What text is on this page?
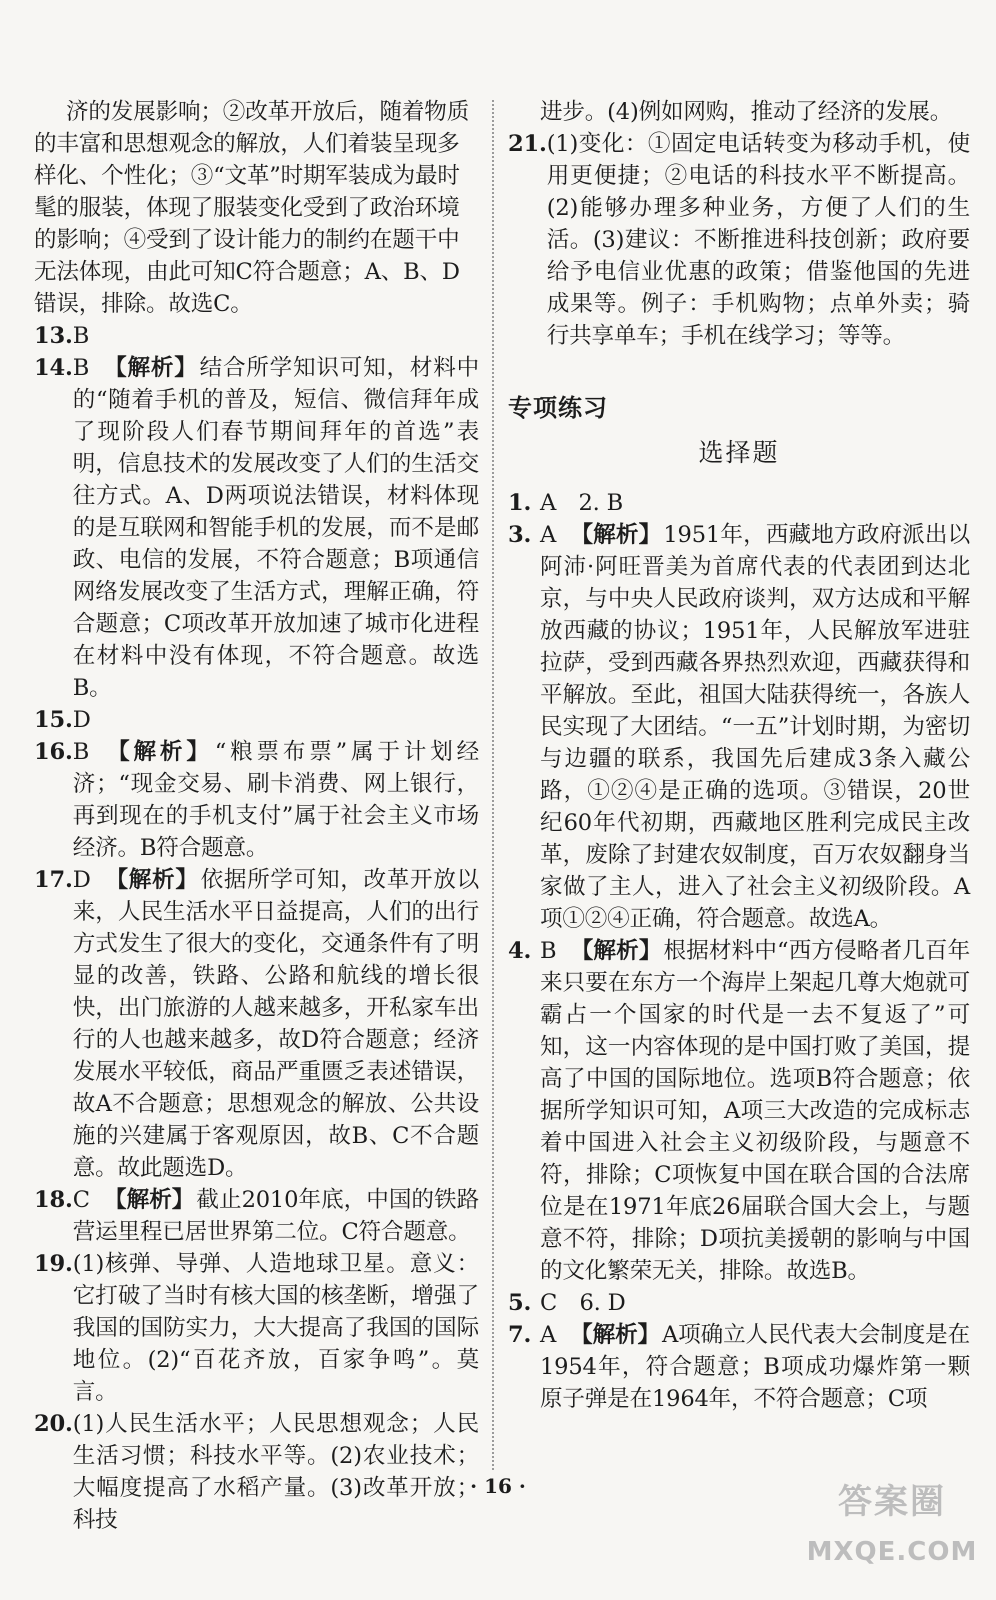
济的发展影响；②改革开放后，随着物质的丰富和思想观念的解放，人们着装呈现多样化、个性化；③“文革”时期军装成为最时髦的服装，体现了服装变化受到了政治环境的影响；④受到了设计能力的制约在题干中无法体现，由此可知C符合题意；A、B、D错误，排除。故选C。
13. B
14. B 【解析】结合所学知识可知，材料中的“随着手机的普及，短信、微信拜年成了现阶段人们春节期间拜年的首选”表明，信息技术的发展改变了人们的生活交往方式。A、D两项说法错误，材料体现的是互联网和智能手机的发展，而不是邮政、电信的发展，不符合题意；B项通信网络发展改变了生活方式，理解正确，符合题意；C项改革开放加速了城市化进程在材料中没有体现，不符合题意。故选B。
15. D
16. B 【解析】“粮票布票”属于计划经济；“现金交易、刷卡消费、网上银行，再到现在的手机支付”属于社会主义市场经济。B符合题意。
17. D 【解析】依据所学可知，改革开放以来，人民生活水平日益提高，人们的出行方式发生了很大的变化，交通条件有了明显的改善，铁路、公路和航线的增长很快，出门旅游的人越来越多，开私家车出行的人也越来越多，故D符合题意；经济发展水平较低，商品严重匮乏表述错误，故A不合题意；思想观念的解放、公共设施的兴建属于客观原因，故B、C不合题意。故此题选D。
18. C 【解析】截止2010年底，中国的铁路营运里程已居世界第二位。C符合题意。
19. (1)核弹、导弹、人造地球卫星。意义：它打破了当时有核大国的核垄断，增强了我国的国防实力，大大提高了我国的国际地位。(2)“百花齐放，百家争鸣”。莫言。
20. (1)人民生活水平；人民思想观念；人民生活习惯；科技水平等。(2)农业技术；大幅度提高了水稻产量。(3)改革开放；科技
进步。(4)例如网购，推动了经济的发展。
21. (1)变化：①固定电话转变为移动手机，使用更便捷；②电话的科技水平不断提高。(2)能够办理多种业务，方便了人们的生活。(3)建议：不断推进科技创新；政府要给予电信业优惠的政策；借鉴他国的先进成果等。例子：手机购物；点单外卖；骑行共享单车；手机在线学习；等等。
专项练习
选择题
1. A　2. B
3. A 【解析】1951年，西藏地方政府派出以阿沛·阿旺晋美为首席代表的代表团到达北京，与中央人民政府谈判，双方达成和平解放西藏的协议；1951年，人民解放军进驻拉萨，受到西藏各界热烈欢迎，西藏获得和平解放。至此，祖国大陆获得统一，各族人民实现了大团结。“一五”计划时期，为密切与边疆的联系，我国先后建成3条入藏公路，①②④是正确的选项。③错误，20世纪60年代初期，西藏地区胜利完成民主改革，废除了封建农奴制度，百万农奴翻身当家做了主人，进入了社会主义初级阶段。A项①②④正确，符合题意。故选A。
4. B 【解析】根据材料中“西方侵略者几百年来只要在东方一个海岸上架起几尊大炮就可霸占一个国家的时代是一去不复返了”可知，这一内容体现的是中国打败了美国，提高了中国的国际地位。选项B符合题意；依据所学知识可知，A项三大改造的完成标志着中国进入社会主义初级阶段，与题意不符，排除；C项恢复中国在联合国的合法席位是在1971年底26届联合国大会上，与题意不符，排除；D项抗美援朝的影响与中国的文化繁荣无关，排除。故选B。
5. C　6. D
7. A 【解析】A项确立人民代表大会制度是在1954年，符合题意；B项成功爆炸第一颗原子弹是在1964年，不符合题意；C项
· 16 ·	答案圈
MXQE.COM
